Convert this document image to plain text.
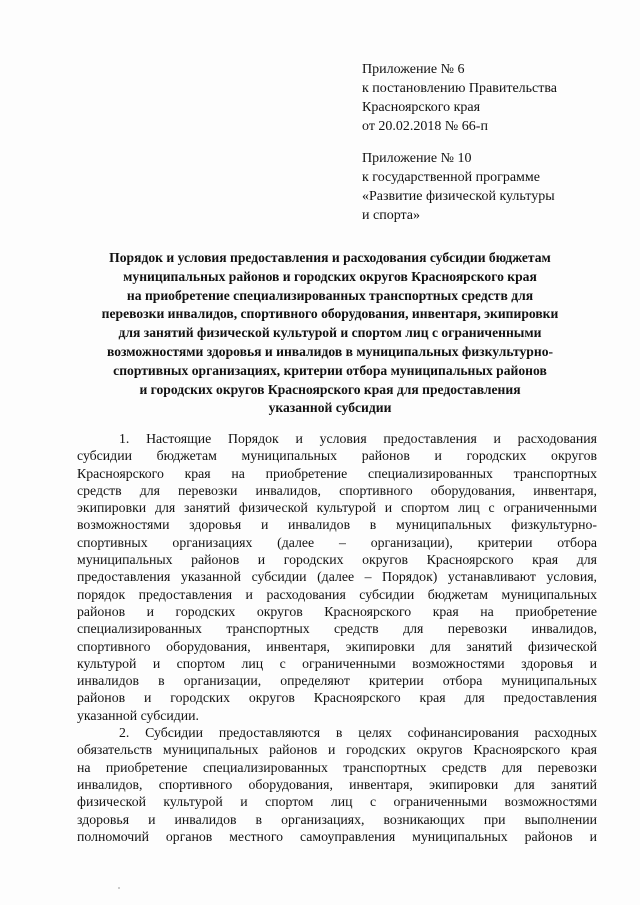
Приложение № 6
к постановлению Правительства
Красноярского края
от 20.02.2018 № 66-п
Приложение № 10
к государственной программе
«Развитие физической культуры
и спорта»
Порядок и условия предоставления и расходования субсидии бюджетам
муниципальных районов и городских округов Красноярского края
на приобретение специализированных транспортных средств для
перевозки инвалидов, спортивного оборудования, инвентаря, экипировки
для занятий физической культурой и спортом лиц с ограниченными
возможностями здоровья и инвалидов в муниципальных физкультурно-
спортивных организациях, критерии отбора муниципальных районов
и городских округов Красноярского края для предоставления
указанной субсидии
1. Настоящие Порядок и условия предоставления и расходования
субсидии бюджетам муниципальных районов и городских округов
Красноярского края на приобретение специализированных транспортных
средств для перевозки инвалидов, спортивного оборудования, инвентаря,
экипировки для занятий физической культурой и спортом лиц с ограниченными
возможностями здоровья и инвалидов в муниципальных физкультурно-
спортивных организациях (далее – организации), критерии отбора
муниципальных районов и городских округов Красноярского края для
предоставления указанной субсидии (далее – Порядок) устанавливают условия,
порядок предоставления и расходования субсидии бюджетам муниципальных
районов и городских округов Красноярского края на приобретение
специализированных транспортных средств для перевозки инвалидов,
спортивного оборудования, инвентаря, экипировки для занятий физической
культурой и спортом лиц с ограниченными возможностями здоровья и
инвалидов в организации, определяют критерии отбора муниципальных
районов и городских округов Красноярского края для предоставления
указанной субсидии.
2. Субсидии предоставляются в целях софинансирования расходных
обязательств муниципальных районов и городских округов Красноярского края
на приобретение специализированных транспортных средств для перевозки
инвалидов, спортивного оборудования, инвентаря, экипировки для занятий
физической культурой и спортом лиц с ограниченными возможностями
здоровья и инвалидов в организациях, возникающих при выполнении
полномочий органов местного самоуправления муниципальных районов и
